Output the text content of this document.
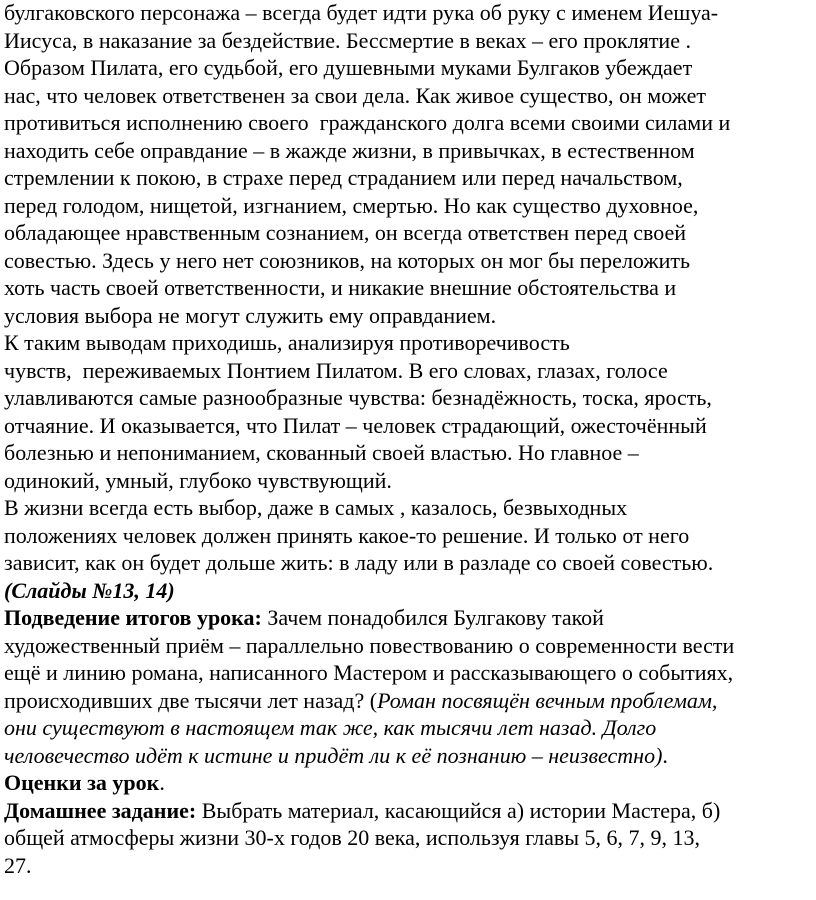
булгаковского персонажа – всегда будет идти рука об руку с именем Иешуа-
Иисуса, в наказание за бездействие. Бессмертие в веках – его проклятие .
Образом Пилата, его судьбой, его душевными муками Булгаков убеждает
нас, что человек ответственен за свои дела. Как живое существо, он может
противиться исполнению своего  гражданского долга всеми своими силами и
находить себе оправдание – в жажде жизни, в привычках, в естественном
стремлении к покою, в страхе перед страданием или перед начальством,
перед голодом, нищетой, изгнанием, смертью. Но как существо духовное,
обладающее нравственным сознанием, он всегда ответствен перед своей
совестью. Здесь у него нет союзников, на которых он мог бы переложить
хоть часть своей ответственности, и никакие внешние обстоятельства и
условия выбора не могут служить ему оправданием.
К таким выводам приходишь, анализируя противоречивость
чувств,  переживаемых Понтием Пилатом. В его словах, глазах, голосе
улавливаются самые разнообразные чувства: безнадёжность, тоска, ярость,
отчаяние. И оказывается, что Пилат – человек страдающий, ожесточённый
болезнью и непониманием, скованный своей властью. Но главное –
одинокий, умный, глубоко чувствующий.
В жизни всегда есть выбор, даже в самых , казалось, безвыходных
положениях человек должен принять какое-то решение. И только от него
зависит, как он будет дольше жить: в ладу или в разладе со своей совестью.
(Слайды №13, 14)
Подведение итогов урока: Зачем понадобился Булгакову такой
художественный приём – параллельно повествованию о современности вести
ещё и линию романа, написанного Мастером и рассказывающего о событиях,
происходивших две тысячи лет назад? (Роман посвящён вечным проблемам,
они существуют в настоящем так же, как тысячи лет назад. Долго
человечество идёт к истине и придёт ли к её познанию – неизвестно).
Оценки за урок.
Домашнее задание: Выбрать материал, касающийся а) истории Мастера, б)
общей атмосферы жизни 30-х годов 20 века, используя главы 5, 6, 7, 9, 13,
27.
